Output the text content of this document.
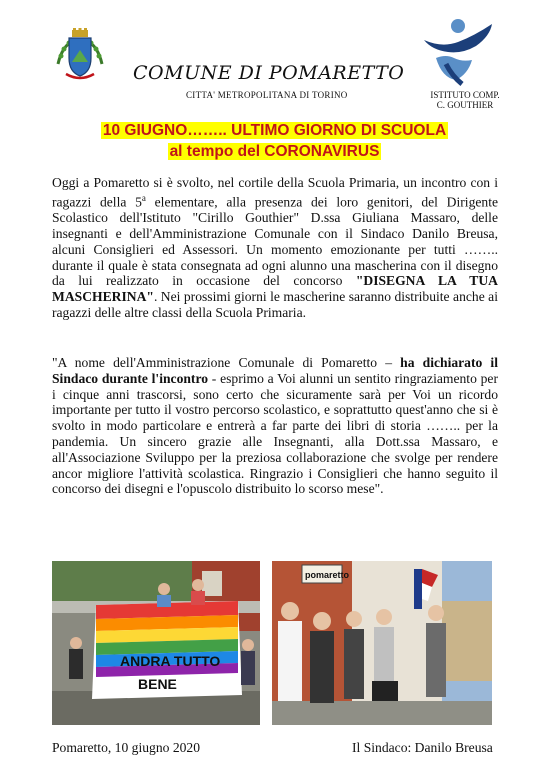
COMUNE DI POMARETTO
CITTA' METROPOLITANA DI TORINO	ISTITUTO COMP.
C. GOUTHIER
10 GIUGNO…….. ULTIMO GIORNO DI SCUOLA
al tempo del CORONAVIRUS
Oggi a Pomaretto si è svolto, nel cortile della Scuola Primaria, un incontro con i ragazzi della 5$^a$ elementare, alla presenza dei loro genitori, del Dirigente Scolastico dell'Istituto "Cirillo Gouthier" D.ssa Giuliana Massaro, delle insegnanti e dell'Amministrazione Comunale con il Sindaco Danilo Breusa, alcuni Consiglieri ed Assessori. Un momento emozionante per tutti …….. durante il quale è stata consegnata ad ogni alunno una mascherina con il disegno da lui realizzato in occasione del concorso "DISEGNA LA TUA MASCHERINA". Nei prossimi giorni le mascherine saranno distribuite anche ai ragazzi delle altre classi della Scuola Primaria.
"A nome dell'Amministrazione Comunale di Pomaretto – ha dichiarato il Sindaco durante l'incontro - esprimo a Voi alunni un sentito ringraziamento per i cinque anni trascorsi, sono certo che sicuramente sarà per Voi un ricordo importante per tutto il vostro percorso scolastico, e soprattutto quest'anno che si è svolto in modo particolare e entrerà a far parte dei libri di storia …….. per la pandemia. Un sincero grazie alle Insegnanti, alla Dott.ssa Massaro, e all'Associazione Sviluppo per la preziosa collaborazione che svolge per rendere ancor migliore l'attività scolastica. Ringrazio i Consiglieri che hanno seguito il concorso dei disegni e l'opuscolo distribuito lo scorso mese".
ANDRA TUTTO
BENE
pomaretto
Pomaretto, 10 giugno 2020	Il Sindaco: Danilo Breusa
